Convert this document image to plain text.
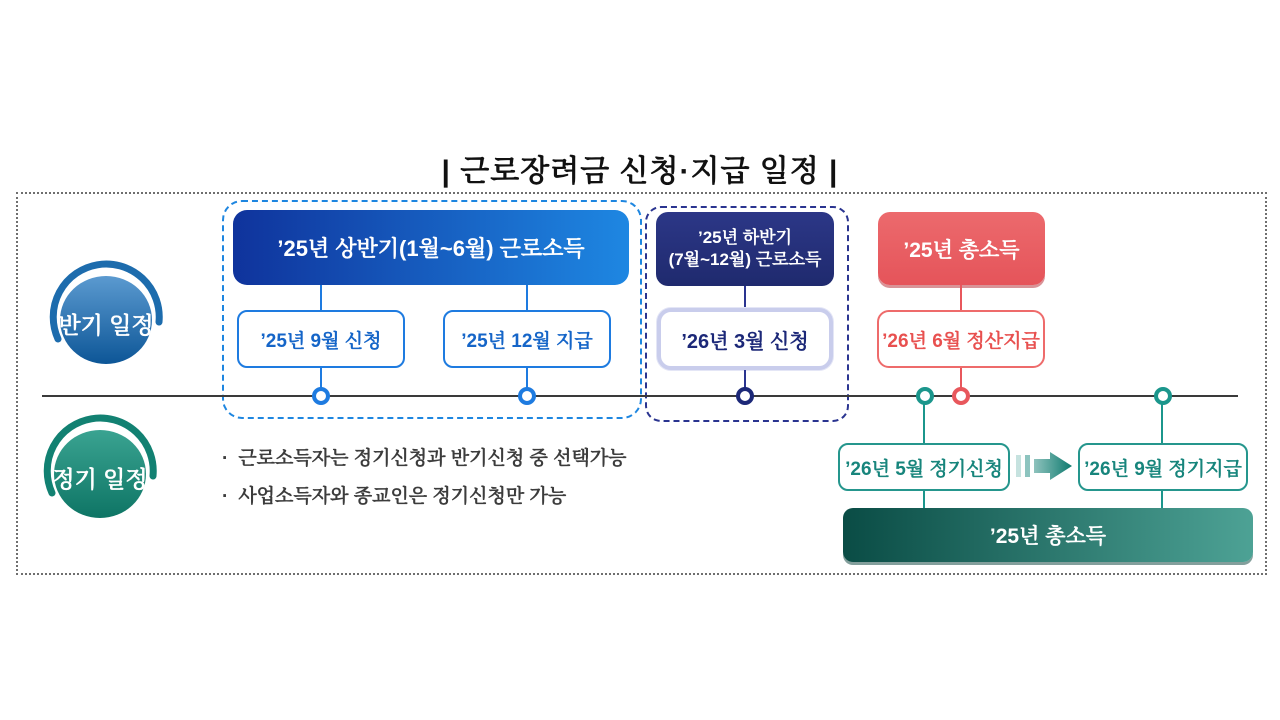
| 근로장려금 신청·지급 일정 |
반기 일정
정기 일정
’25년 상반기(1월~6월) 근로소득
’25년 9월 신청	’25년 12월 지급
’25년 하반기
(7월~12월) 근로소득
’26년 3월 신청
’25년 총소득
’26년 6월 정산지급
· 근로소득자는 정기신청과 반기신청 중 선택가능
· 사업소득자와 종교인은 정기신청만 가능
’26년 5월 정기신청	’26년 9월 정기지급
’25년 총소득
